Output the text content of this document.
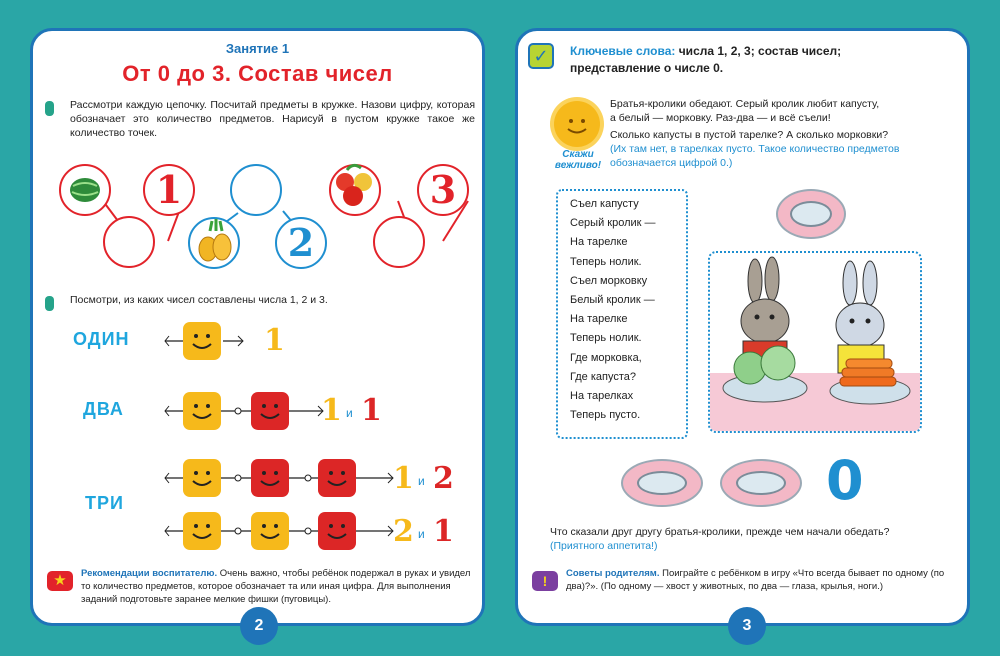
Занятие 1
От 0 до 3. Состав чисел
Рассмотри каждую цепочку. Посчитай предметы в кружке. Назови цифру, которая обозначает это количество предметов. Нарисуй в пустом кружке такое же количество точек.
1
2
3
Посмотри, из каких чисел составлены числа 1, 2 и 3.
ОДИН	1
ДВА	1 и 1
ТРИ
1 и 2
2 и 1
★	Рекомендации воспитателю. Очень важно, чтобы ребёнок подержал в руках и увидел то количество предметов, которое обозначает та или иная цифра. Для выполнения заданий подготовьте заранее мелкие фишки (пуговицы).
2
✓	Ключевые слова: числа 1, 2, 3; состав чисел;
представление о числе 0.
Скажи вежливо!
Братья-кролики обедают. Серый кролик любит капусту,
а белый — морковку. Раз-два — и всё съели!
Сколько капусты в пустой тарелке? А сколько морковки?
(Их там нет, в тарелках пусто. Такое количество предметов обозначается цифрой 0.)
Съел капусту
Серый кролик —
На тарелке
Теперь нолик.
Съел морковку
Белый кролик —
На тарелке
Теперь нолик.
Где морковка,
Где капуста?
На тарелках
Теперь пусто.
0
Что сказали друг другу братья-кролики, прежде чем начали обедать?
(Приятного аппетита!)
!	Советы родителям. Поиграйте с ребёнком в игру «Что всегда бывает по одному (по два)?». (По одному — хвост у животных, по два — глаза, крылья, ноги.)
3
